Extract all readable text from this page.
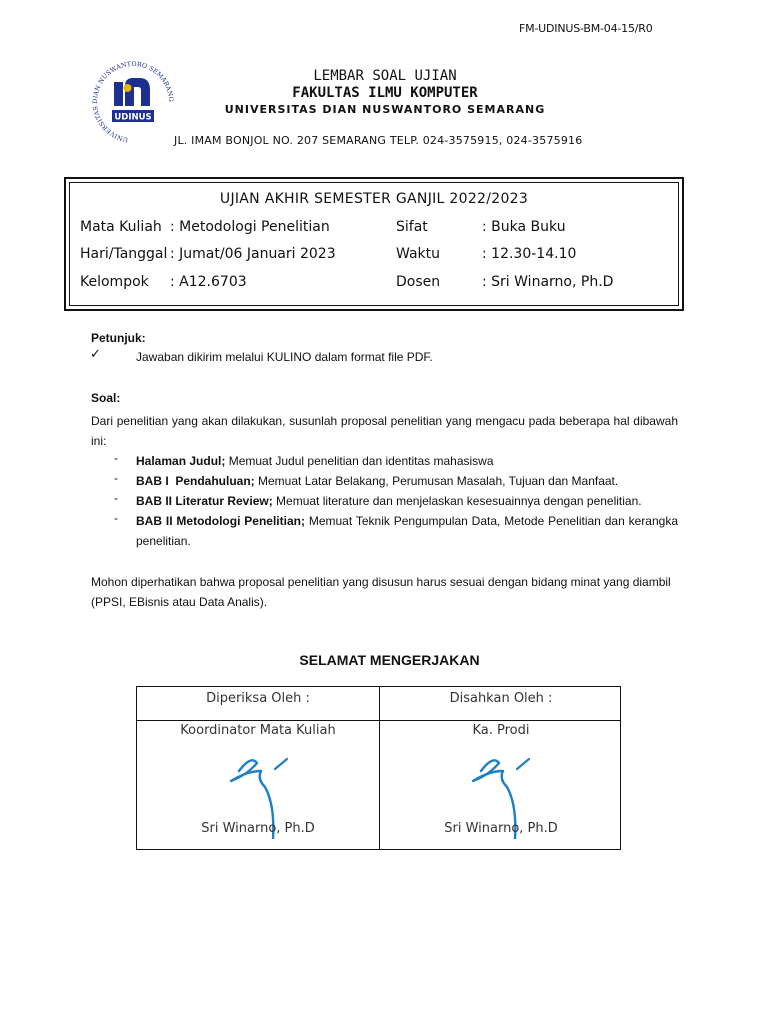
FM-UDINUS-BM-04-15/R0
UNIVERSITAS DIAN NUSWANTORO SEMARANG
UDINUS
LEMBAR SOAL UJIAN
FAKULTAS ILMU KOMPUTER
UNIVERSITAS DIAN NUSWANTORO SEMARANG
JL. IMAM BONJOL NO. 207 SEMARANG TELP. 024-3575915, 024-3575916
UJIAN AKHIR SEMESTER GANJIL 2022/2023
Mata Kuliah : Metodologi Penelitian	Sifat	: Buka Buku
Hari/Tanggal : Jumat/06 Januari 2023	Waktu	: 12.30-14.10
Kelompok : A12.6703	Dosen	: Sri Winarno, Ph.D
Petunjuk:
✓	Jawaban dikirim melalui KULINO dalam format file PDF.
Soal:
Dari penelitian yang akan dilakukan, susunlah proposal penelitian yang mengacu pada beberapa hal dibawah ini:
- Halaman Judul; Memuat Judul penelitian dan identitas mahasiswa
- BAB I  Pendahuluan; Memuat Latar Belakang, Perumusan Masalah, Tujuan dan Manfaat.
- BAB II Literatur Review; Memuat literature dan menjelaskan kesesuainnya dengan penelitian.
- BAB II Metodologi Penelitian; Memuat Teknik Pengumpulan Data, Metode Penelitian dan kerangka penelitian.
Mohon diperhatikan bahwa proposal penelitian yang disusun harus sesuai dengan bidang minat yang diambil (PPSI, EBisnis atau Data Analis).
SELAMAT MENGERJAKAN
Diperiksa Oleh :	Disahkan Oleh :
Koordinator Mata Kuliah	Ka. Prodi
Sri Winarno, Ph.D	Sri Winarno, Ph.D
